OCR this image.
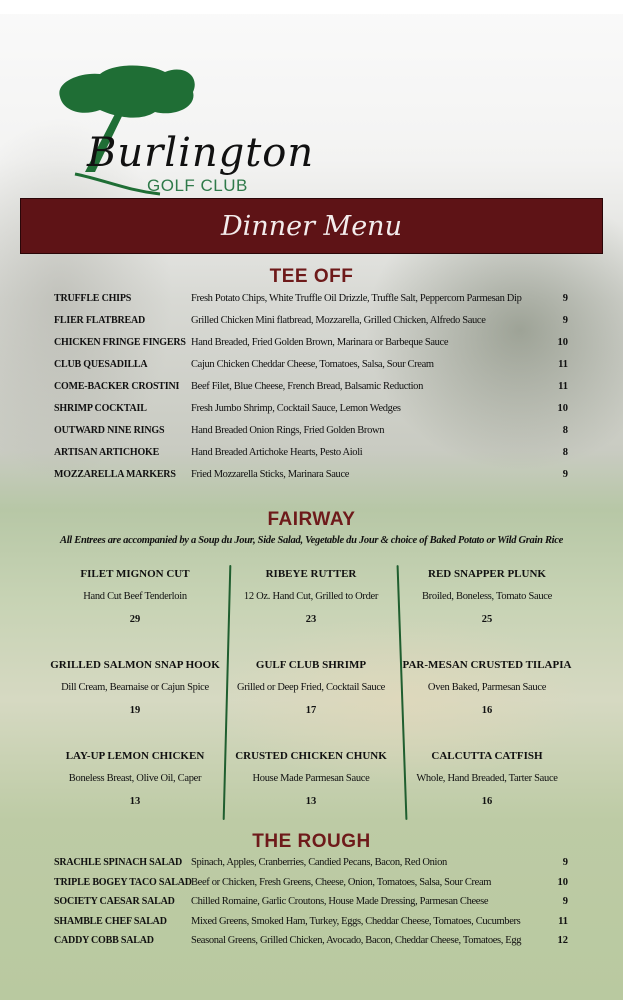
Burlington
GOLF CLUB
Dinner Menu
TEE OFF
TRUFFLE CHIPS	Fresh Potato Chips, White Truffle Oil Drizzle, Truffle Salt, Peppercorn Parmesan Dip	9
FLIER FLATBREAD	Grilled Chicken Mini flatbread, Mozzarella, Grilled Chicken, Alfredo Sauce	9
CHICKEN FRINGE FINGERS Hand Breaded, Fried Golden Brown, Marinara or Barbeque Sauce	10
CLUB QUESADILLA	Cajun Chicken Cheddar Cheese, Tomatoes, Salsa, Sour Cream	11
COME-BACKER CROSTINI Beef Filet, Blue Cheese, French Bread, Balsamic Reduction	11
SHRIMP COCKTAIL	Fresh Jumbo Shrimp, Cocktail Sauce, Lemon Wedges	10
OUTWARD NINE RINGS	Hand Breaded Onion Rings, Fried Golden Brown	8
ARTISAN ARTICHOKE	Hand Breaded Artichoke Hearts, Pesto Aioli	8
MOZZARELLA MARKERS Fried Mozzarella Sticks, Marinara Sauce	9
FAIRWAY
All Entrees are accompanied by a Soup du Jour, Side Salad, Vegetable du Jour & choice of Baked Potato or Wild Grain Rice
FILET MIGNON CUT
Hand Cut Beef Tenderloin
29
RIBEYE RUTTER
12 Oz. Hand Cut, Grilled to Order
23
RED SNAPPER PLUNK
Broiled, Boneless, Tomato Sauce
25
GRILLED SALMON SNAP HOOK
Dill Cream, Bearnaise or Cajun Spice
19
GULF CLUB SHRIMP
Grilled or Deep Fried, Cocktail Sauce
17
PAR-MESAN CRUSTED TILAPIA
Oven Baked, Parmesan Sauce
16
LAY-UP LEMON CHICKEN
Boneless Breast, Olive Oil, Caper
13
CRUSTED CHICKEN CHUNK
House Made Parmesan Sauce
13
CALCUTTA CATFISH
Whole, Hand Breaded, Tarter Sauce
16
THE ROUGH
SRACHLE SPINACH SALAD Spinach, Apples, Cranberries, Candied Pecans, Bacon, Red Onion	9
TRIPLE BOGEY TACO SALAD Beef or Chicken, Fresh Greens, Cheese, Onion, Tomatoes, Salsa, Sour Cream	10
SOCIETY CAESAR SALAD Chilled Romaine, Garlic Croutons, House Made Dressing, Parmesan Cheese	9
SHAMBLE CHEF SALAD Mixed Greens, Smoked Ham, Turkey, Eggs, Cheddar Cheese, Tomatoes, Cucumbers	11
CADDY COBB SALAD	Seasonal Greens, Grilled Chicken, Avocado, Bacon, Cheddar Cheese, Tomatoes, Egg	12
